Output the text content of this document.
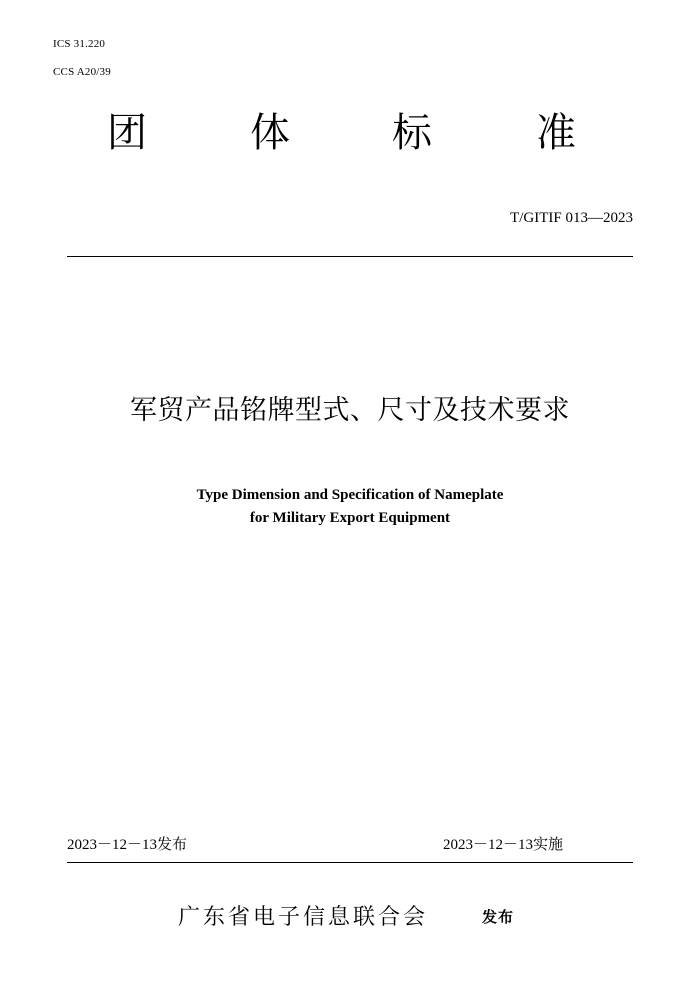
ICS 31.220
CCS A20/39
团	体	标	准
T/GITIF 013—2023
军贸产品铭牌型式、尺寸及技术要求
Type Dimension and Specification of Nameplate
for Military Export Equipment
2023－12－13发布	2023－12－13实施
广东省电子信息联合会	发布
